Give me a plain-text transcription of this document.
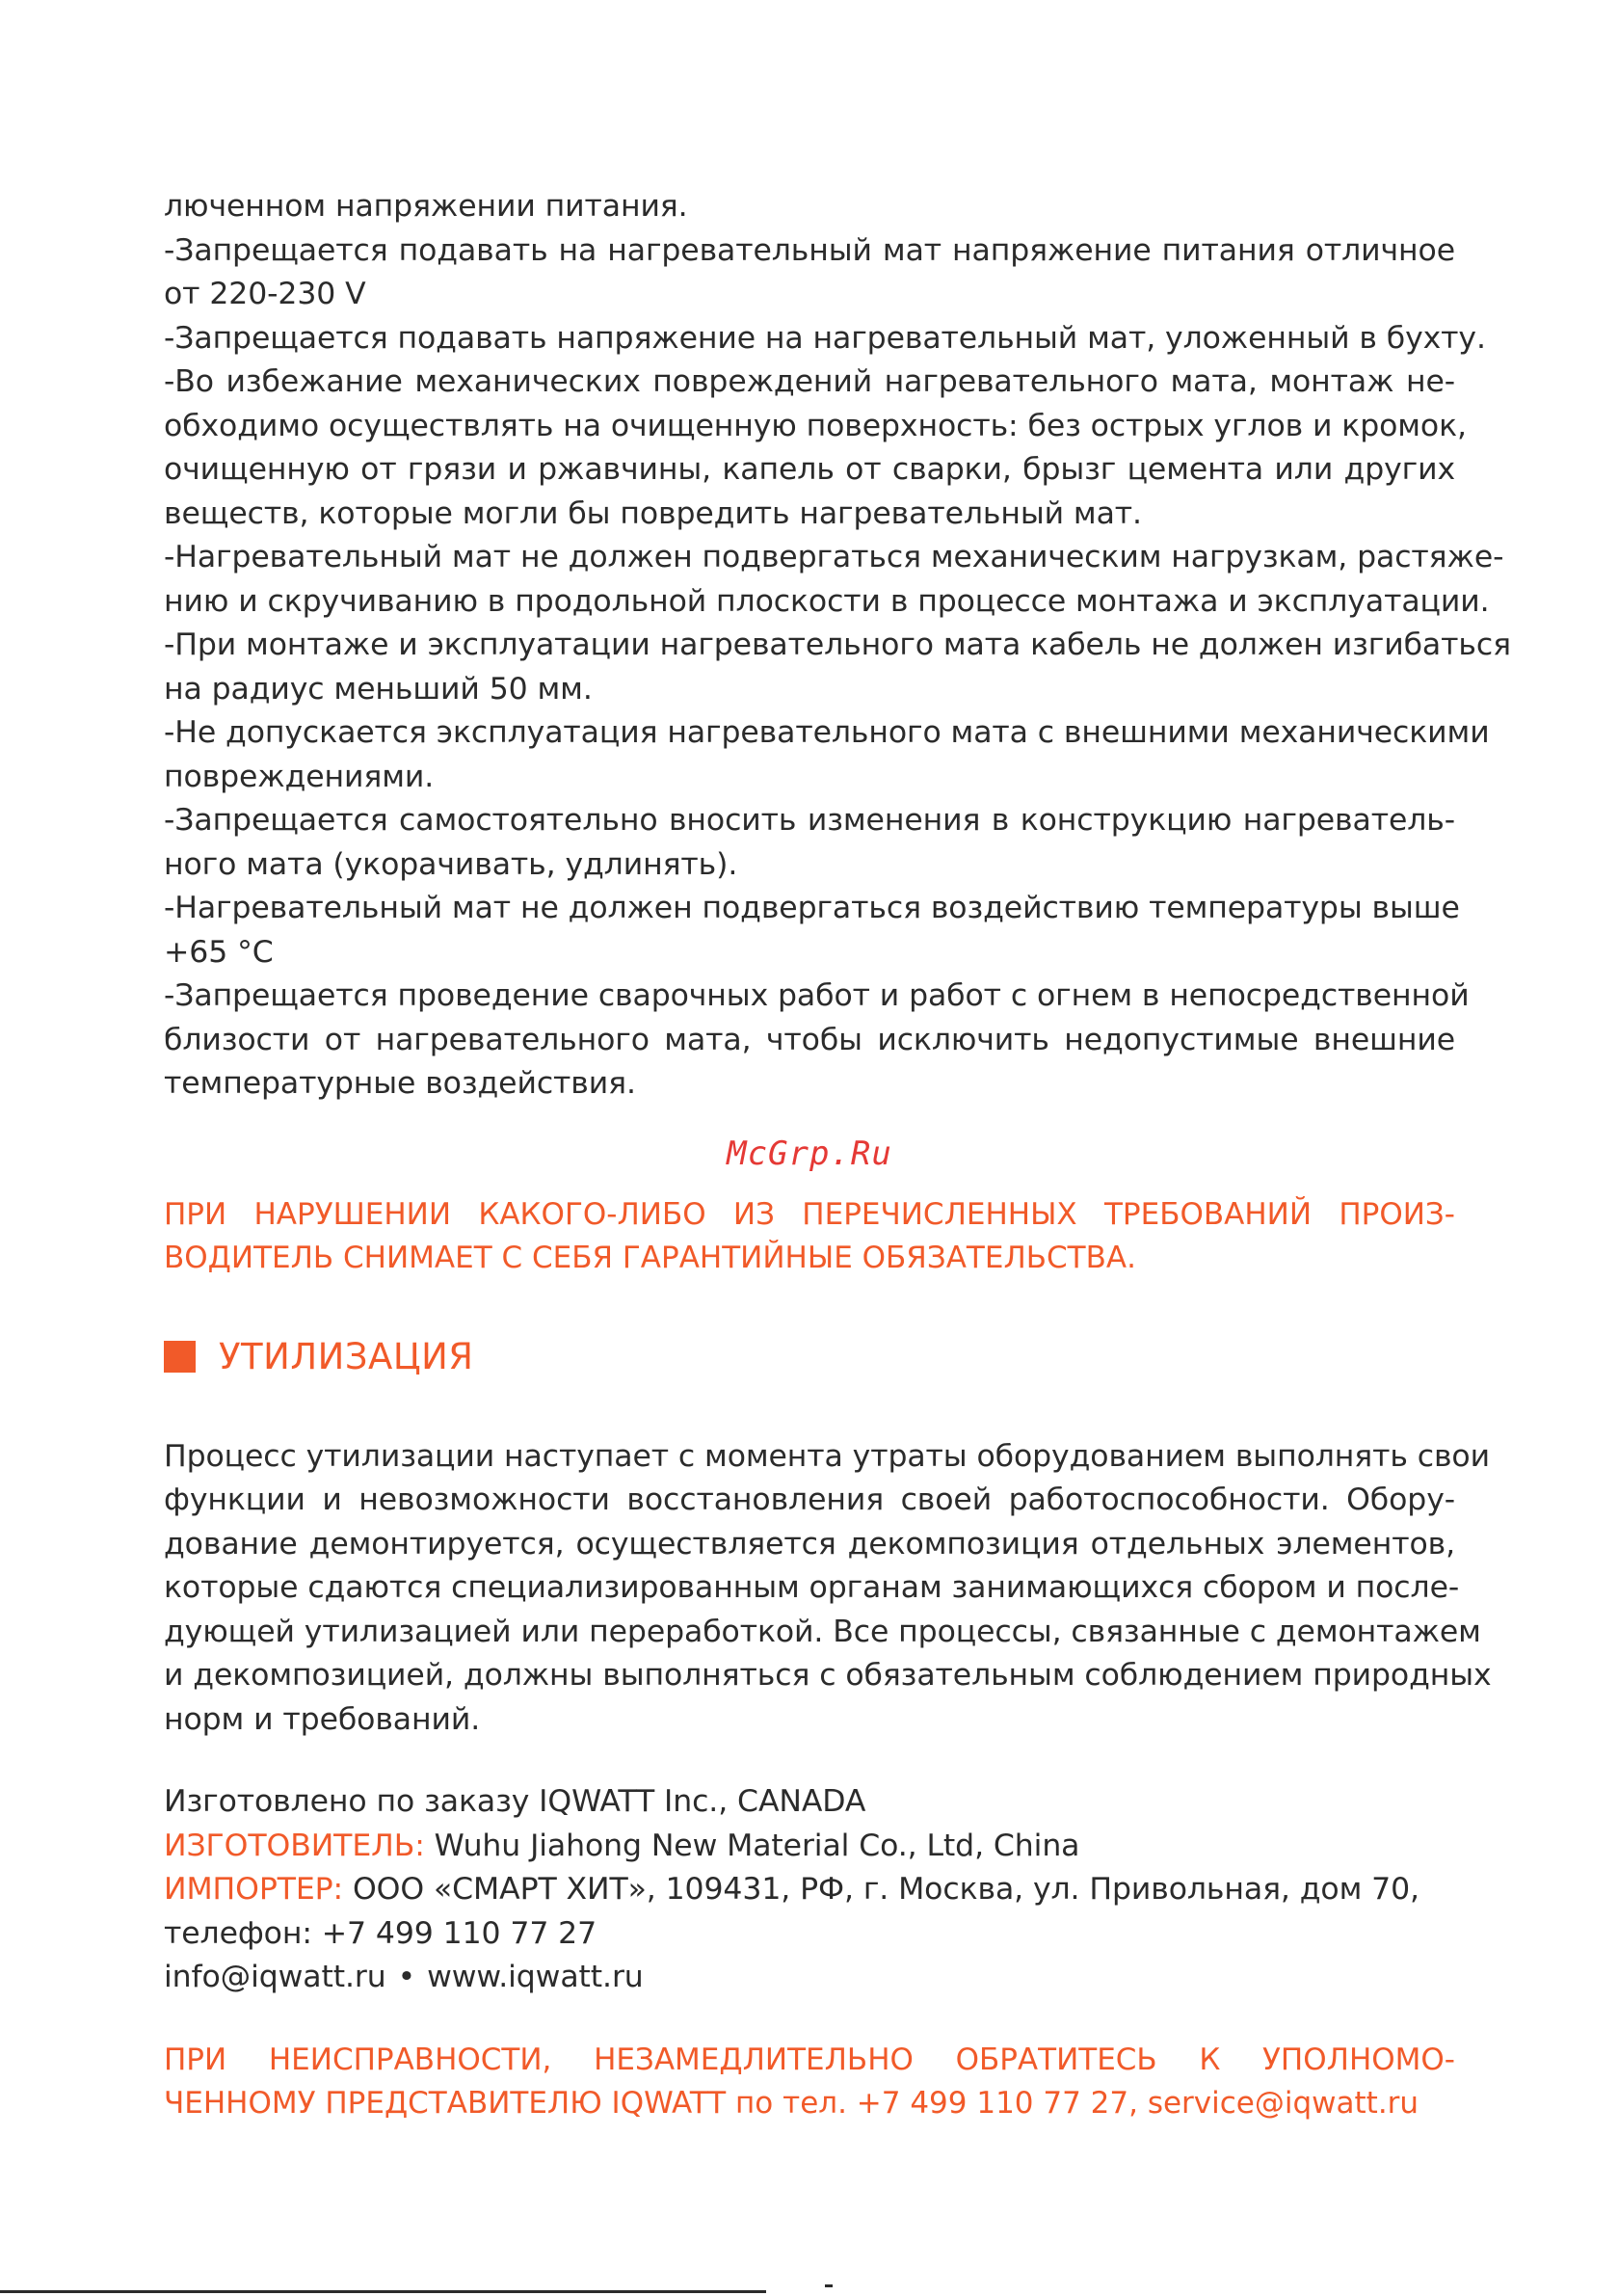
лючeнном напряжении питания.
-Запрещается подавать на нагревательный мат напряжение питания отличное
от 220-230 V
-Запрещается подавать напряжение на нагревательный мат, уложенный в бухту.
-Во избежание механических повреждений нагревательного мата, монтаж не-
обходимо осуществлять на очищенную поверхность: без острых углов и кромок,
очищенную от грязи и ржавчины, капель от сварки, брызг цемента или других
веществ, которые могли бы повредить нагревательный мат.
-Нагревательный мат не должен подвергаться механическим нагрузкам, растяже-
нию и скручиванию в продольной плоскости в процессе монтажа и эксплуатации.
-При монтаже и эксплуатации нагревательного мата кабель не должен изгибаться
на радиус меньший 50 мм.
-Не допускается эксплуатация нагревательного мата с внешними механическими
повреждениями.
-Запрещается самостоятельно вносить изменения в конструкцию нагреватель-
ного мата (укорачивать, удлинять).
-Нагревательный мат не должен подвергаться воздействию температуры выше
+65 °С
-Запрещается проведение сварочных работ и работ с огнем в непосредственной
близости от нагревательного мата, чтобы исключить недопустимые внешние
температурные воздействия.
McGrp.Ru
ПРИ НАРУШЕНИИ КАКОГО-ЛИБО ИЗ ПЕРЕЧИСЛЕННЫХ ТРЕБОВАНИЙ ПРОИЗ-
ВОДИТЕЛЬ СНИМАЕТ С СЕБЯ ГАРАНТИЙНЫЕ ОБЯЗАТЕЛЬСТВА.
УТИЛИЗАЦИЯ
Процесс утилизации наступает с момента утраты оборудованием выполнять свои
функции и невозможности восстановления своей работоспособности. Обору-
дование демонтируется, осуществляется декомпозиция отдельных элементов,
которые сдаются специализированным органам занимающихся сбором и после-
дующей утилизацией или переработкой. Все процессы, связанные с демонтажем
и декомпозицией, должны выполняться с обязательным соблюдением природных
норм и требований.
Изготовлено по заказу IQWATT Inc., CANADA
ИЗГОТОВИТЕЛЬ: Wuhu Jiahong New Material Co., Ltd, China
ИМПОРТЕР: ООО «СМАРТ ХИТ», 109431, РФ, г. Москва, ул. Привольная, дом 70,
телефон: +7 499 110 77 27
info@iqwatt.ru • www.iqwatt.ru
ПРИ НЕИСПРАВНОСТИ, НЕЗАМЕДЛИТЕЛЬНО ОБРАТИТЕСЬ К УПОЛНОМО-
ЧЕННОМУ ПРЕДСТАВИТЕЛЮ IQWATT по тел. +7 499 110 77 27, service@iqwatt.ru
